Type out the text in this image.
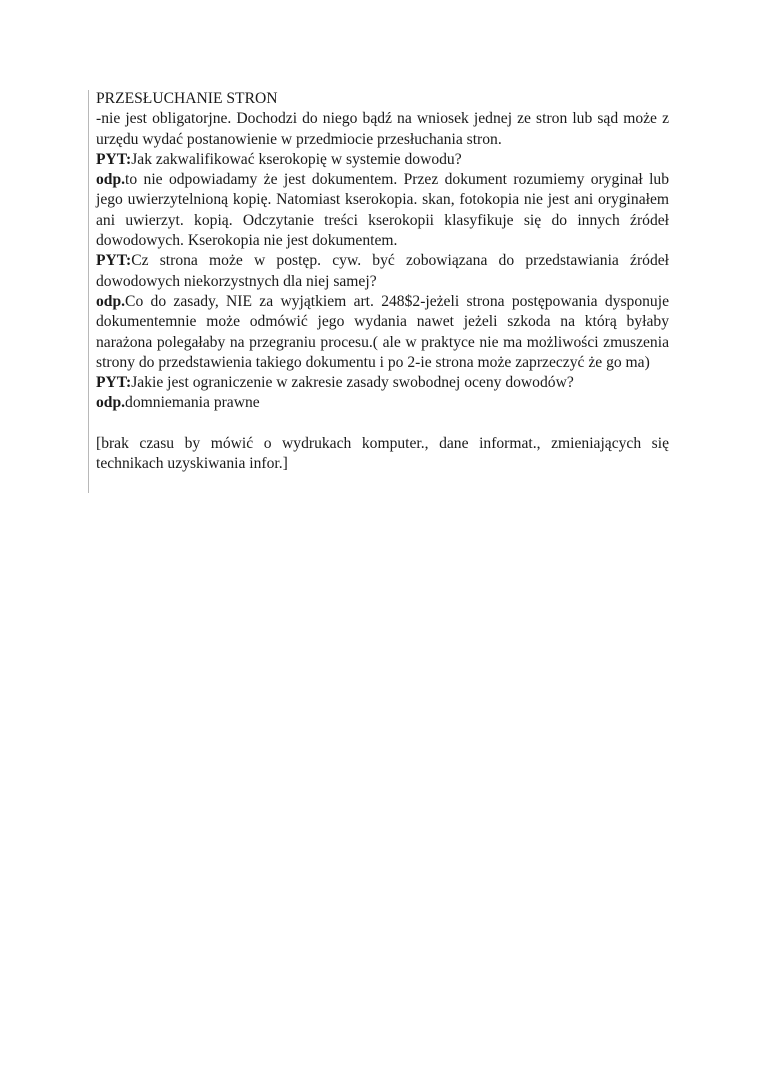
PRZESŁUCHANIE STRON

-nie jest obligatorjne. Dochodzi do niego bądź na wniosek jednej ze stron lub sąd może z urzędu wydać postanowienie w przedmiocie przesłuchania stron.

PYT:Jak zakwalifikować kserokopię w systemie dowodu?

odp.to nie odpowiadamy że jest dokumentem. Przez dokument rozumiemy oryginał lub jego uwierzytelnioną kopię. Natomiast kserokopia. skan, fotokopia nie jest ani oryginałem ani uwierzyt. kopią. Odczytanie treści kserokopii klasyfikuje się do innych źródeł dowodowych. Kserokopia nie jest dokumentem.

PYT:Cz strona może w postęp. cyw. być zobowiązana do przedstawiania źródeł dowodowych niekorzystnych dla niej samej?

odp.Co do zasady, NIE za wyjątkiem art. 248$2-jeżeli strona postępowania dysponuje dokumentemnie może odmówić jego wydania nawet jeżeli szkoda na którą byłaby narażona polegałaby na przegraniu procesu.( ale w praktyce nie ma możliwości zmuszenia strony do przedstawienia takiego dokumentu i po 2-ie strona może zaprzeczyć że go ma)

PYT:Jakie jest ograniczenie w zakresie zasady swobodnej oceny dowodów?

odp.domniemania prawne

[brak czasu by mówić o wydrukach komputer., dane informat., zmieniających się technikach uzyskiwania infor.]
